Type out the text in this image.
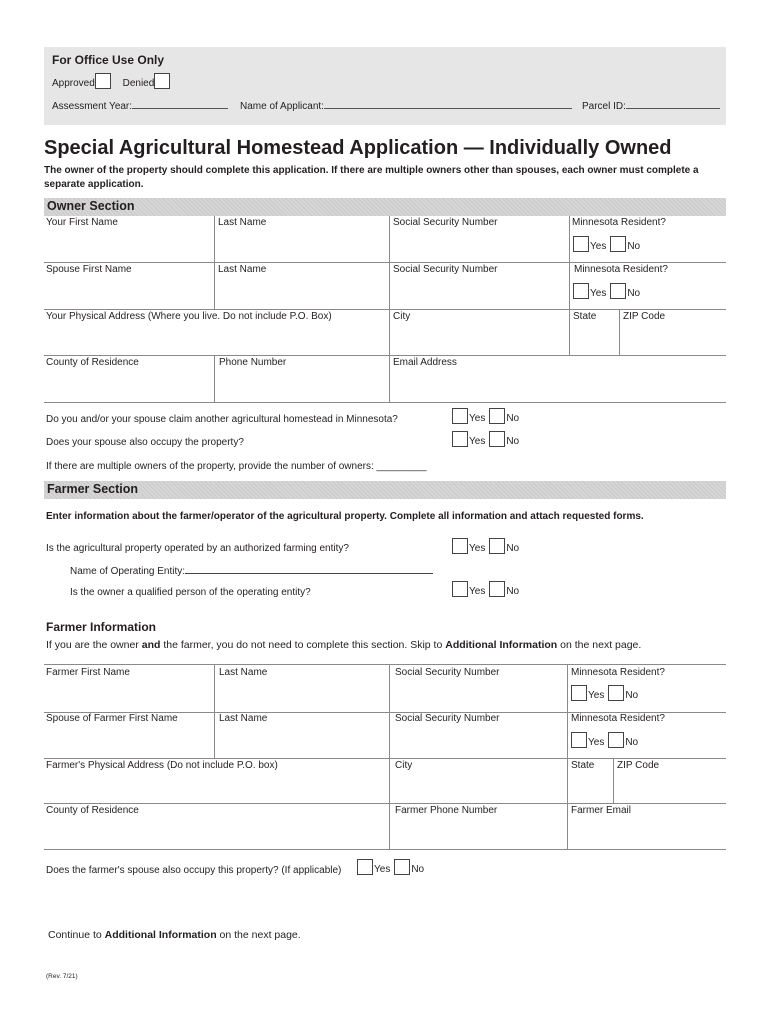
For Office Use Only
Approved	Denied
Assessment Year:	Name of Applicant:	Parcel ID:
Special Agricultural Homestead Application — Individually Owned
The owner of the property should complete this application. If there are multiple owners other than spouses, each owner must complete a separate application.
Owner Section
Your First Name	Last Name	Social Security Number	Minnesota Resident?
Yes No
Spouse First Name	Last Name	Social Security Number	Minnesota Resident?
Yes No
Your Physical Address (Where you live. Do not include P.O. Box)	City	State	ZIP Code
County of Residence	Phone Number	Email Address
Do you and/or your spouse claim another agricultural homestead in Minnesota?	Yes No
Does your spouse also occupy the property?	Yes No
If there are multiple owners of the property, provide the number of owners: _________
Farmer Section
Enter information about the farmer/operator of the agricultural property. Complete all information and attach requested forms.
Is the agricultural property operated by an authorized farming entity?	Yes No
Name of Operating Entity:
Is the owner a qualified person of the operating entity?	Yes No
Farmer Information
If you are the owner and the farmer, you do not need to complete this section. Skip to Additional Information on the next page.
Farmer First Name	Last Name	Social Security Number	Minnesota Resident?
Yes No
Spouse of Farmer First Name	Last Name	Social Security Number	Minnesota Resident?
Yes No
Farmer's Physical Address (Do not include P.O. box)	City	State ZIP Code
County of Residence	Farmer Phone Number	Farmer Email
Does the farmer's spouse also occupy this property? (If applicable)	Yes No
Continue to Additional Information on the next page.
(Rev. 7/21)
